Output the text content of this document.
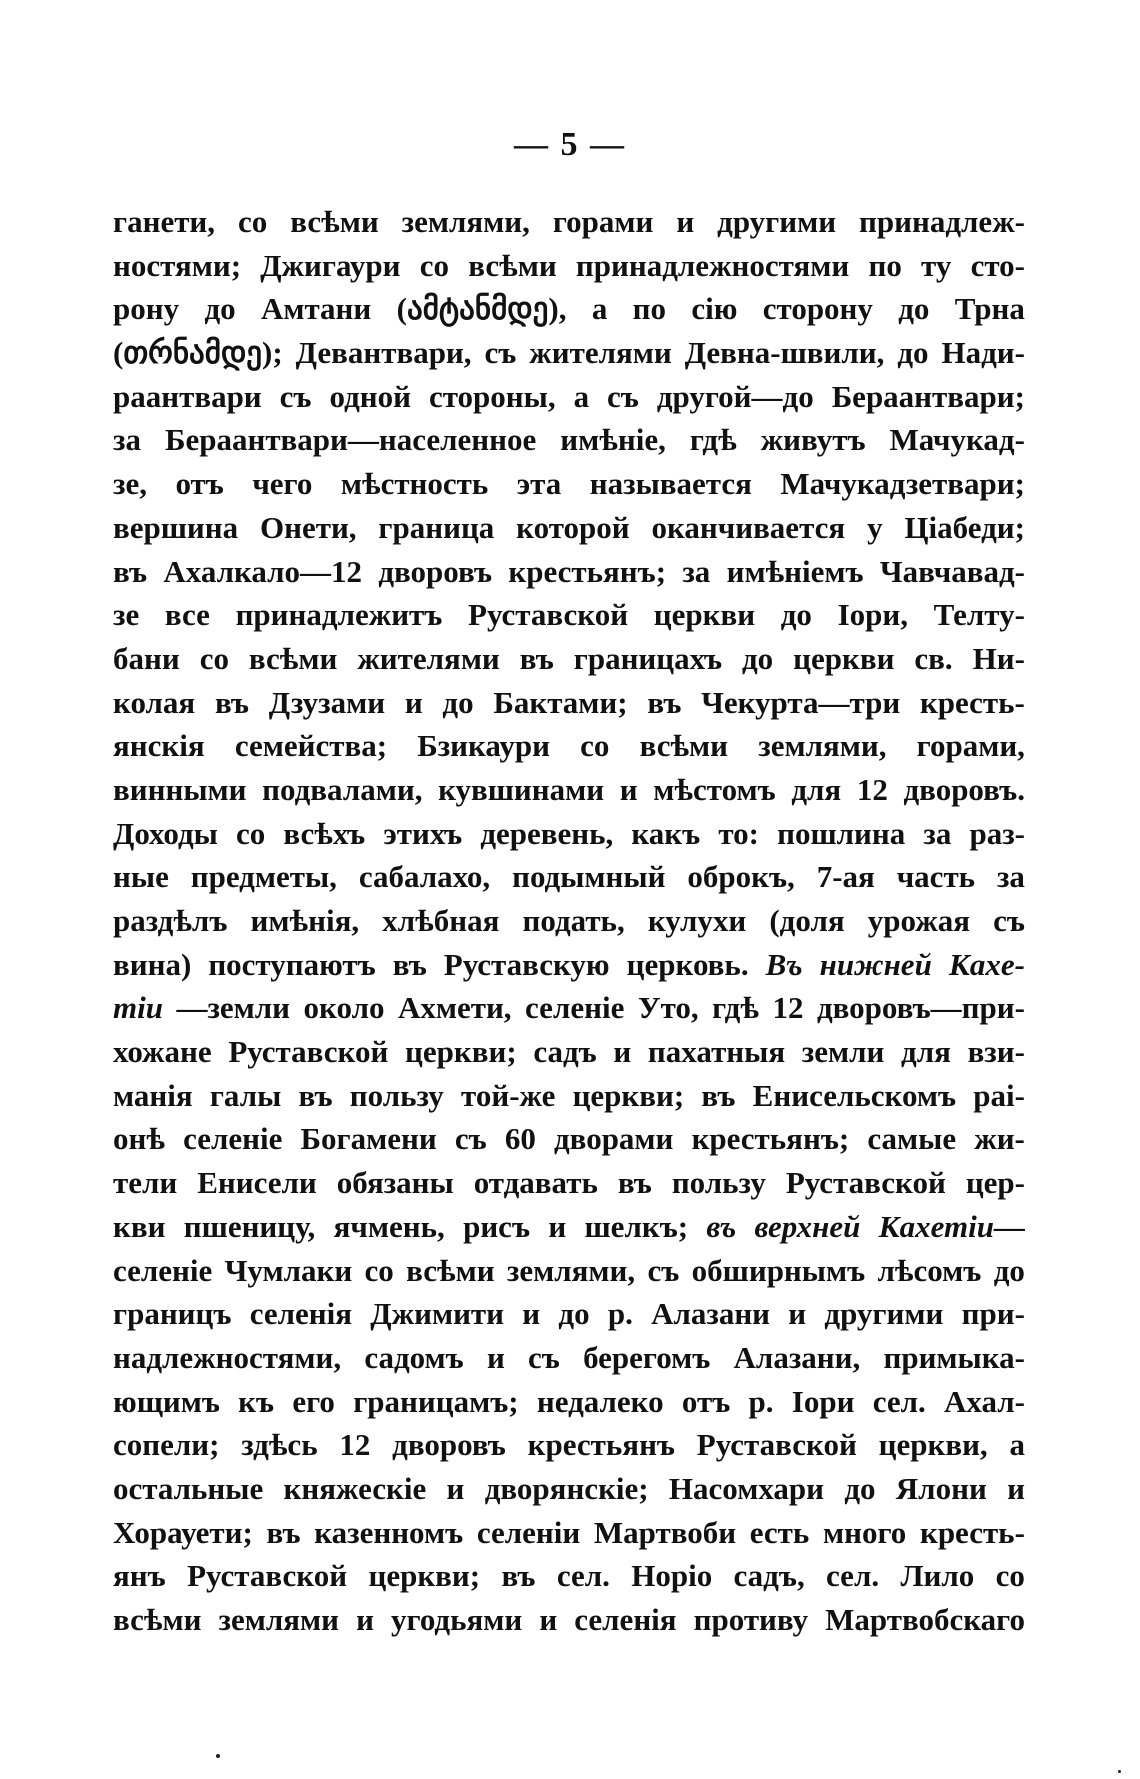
— 5 —
ганети, со всѣми землями, горами и другими принадлеж-
ностями; Джигаури со всѣми принадлежностями по ту сто-
рону до Амтани (ამტანმდე), а по сію сторону до Трна
(თრნამდე); Девантвари, съ жителями Девна-швили, до Нади-
раантвари съ одной стороны, а съ другой—до Бераантвари;
за Бераантвари—населенное имѣніе, гдѣ живутъ Мачукад-
зе, отъ чего мѣстность эта называется Мачукадзетвари;
вершина Онети, граница которой оканчивается у Ціабеди;
въ Ахалкало—12 дворовъ крестьянъ; за имѣніемъ Чавчавад-
зе все принадлежитъ Руставской церкви до Іори, Телту-
бани со всѣми жителями въ границахъ до церкви св. Ни-
колая въ Дзузами и до Бактами; въ Чекурта—три кресть-
янскія семейства; Бзикаури со всѣми землями, горами,
винными подвалами, кувшинами и мѣстомъ для 12 дворовъ.
Доходы со всѣхъ этихъ деревень, какъ то: пошлина за раз-
ные предметы, сабалахо, подымный оброкъ, 7-ая часть за
раздѣлъ имѣнія, хлѣбная подать, кулухи (доля урожая съ
вина) поступаютъ въ Руставскую церковь. Въ нижней Кахе-
тіи —земли около Ахмети, селеніе Уто, гдѣ 12 дворовъ—при-
хожане Руставской церкви; садъ и пахатныя земли для взи-
манія галы въ пользу той-же церкви; въ Енисельскомъ раі-
онѣ селеніе Богамени съ 60 дворами крестьянъ; самые жи-
тели Енисели обязаны отдавать въ пользу Руставской цер-
кви пшеницу, ячмень, рисъ и шелкъ; въ верхней Кахетіи—
селеніе Чумлаки со всѣми землями, съ обширнымъ лѣсомъ до
границъ селенія Джимити и до р. Алазани и другими при-
надлежностями, садомъ и съ берегомъ Алазани, примыка-
ющимъ къ его границамъ; недалеко отъ р. Іори сел. Ахал-
сопели; здѣсь 12 дворовъ крестьянъ Руставской церкви, а
остальные княжескіе и дворянскіе; Насомхари до Ялони и
Хорауети; въ казенномъ селеніи Мартвоби есть много кресть-
янъ Руставской церкви; въ сел. Норіо садъ, сел. Лило со
всѣми землями и угодьями и селенія противу Мартвобскаго
